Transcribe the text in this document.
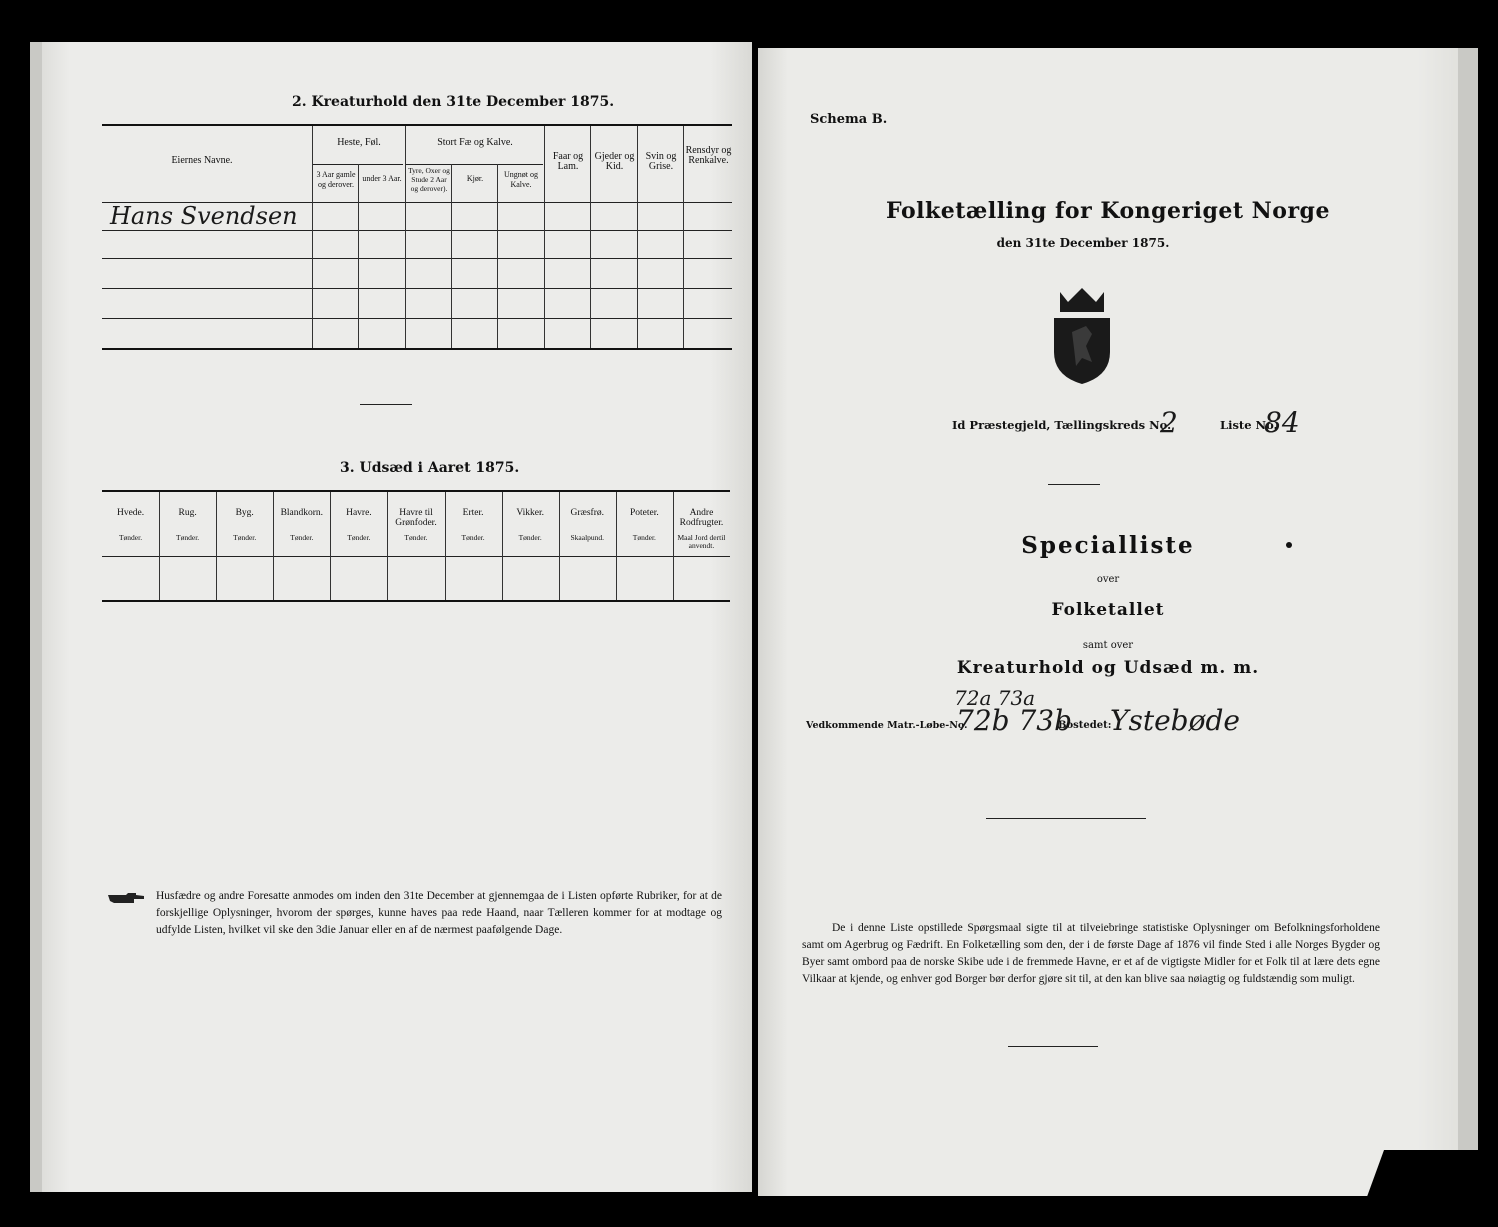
2. Kreaturhold den 31te December 1875.
Eiernes Navne.
Heste, Føl.
3 Aar gamle og derover.
under 3 Aar.
Stort Fæ og Kalve.
Tyre, Oxer og Stude 2 Aar og derover).
Kjør.	Ungnøt og Kalve.
Faar og Lam.
Gjeder og Kid.
Svin og Grise.
Rensdyr og Renkalve.
Hans Svendsen
3. Udsæd i Aaret 1875.
Hvede.
Tønder.
Rug.
Tønder.
Byg.
Tønder.
Blandkorn.
Tønder.
Havre.
Tønder.
Havre til Grønfoder.
Tønder.
Erter.
Tønder.
Vikker.
Tønder.
Græsfrø.
Skaalpund.
Poteter.
Tønder.
Andre Rodfrugter.
Maal Jord dertil anvendt.
Husfædre og andre Foresatte anmodes om inden den 31te December at gjennemgaa de i Listen opførte Rubriker, for at de forskjellige Oplysninger, hvorom der spørges, kunne haves paa rede Haand, naar Tælleren kommer for at modtage og udfylde Listen, hvilket vil ske den 3die Januar eller en af de nærmest paafølgende Dage.
Schema B.
Folketælling for Kongeriget Norge
den 31te December 1875.
Id Præstegjeld, Tællingskreds No.
2	Liste No.
84
Specialliste
over
Folketallet
samt over
Kreaturhold og Udsæd m. m.
72a 73a
Vedkommende Matr.-Løbe-No.
72b 73b
Bostedet:
Ystebøde
De i denne Liste opstillede Spørgsmaal sigte til at tilveiebringe statistiske Oplysninger om Befolkningsforholdene samt om Agerbrug og Fædrift. En Folketælling som den, der i de første Dage af 1876 vil finde Sted i alle Norges Bygder og Byer samt ombord paa de norske Skibe ude i de fremmede Havne, er et af de vigtigste Midler for et Folk til at lære dets egne Vilkaar at kjende, og enhver god Borger bør derfor gjøre sit til, at den kan blive saa nøiagtig og fuldstændig som muligt.
